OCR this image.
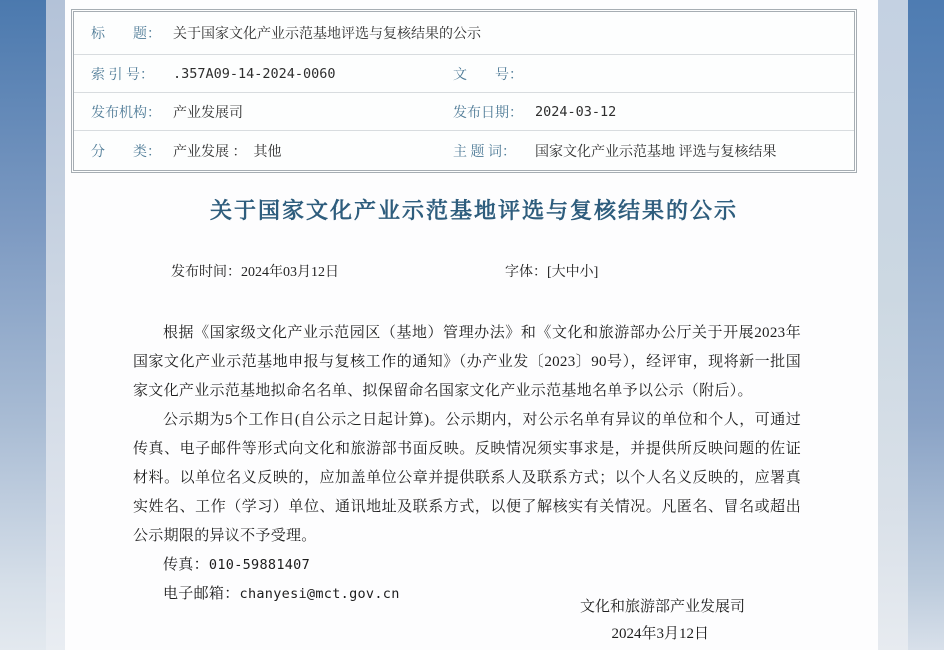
标　　题： 关于国家文化产业示范基地评选与复核结果的公示
索 引 号：	.357A09-14-2024-0060	文　　号：
发布机构： 产业发展司	发布日期： 2024-03-12
分　　类： 产业发展 ：  其他	主 题 词：	国家文化产业示范基地 评选与复核结果
关于国家文化产业示范基地评选与复核结果的公示
发布时间：2024年03月12日	字体：[大中小]

根据《国家级文化产业示范园区（基地）管理办法》和《文化和旅游部办公厅关于开展2023年国家文化产业示范基地申报与复核工作的通知》（办产业发〔2023〕90号），经评审，现将新一批国家文化产业示范基地拟命名名单、拟保留命名国家文化产业示范基地名单予以公示（附后）。

公示期为5个工作日(自公示之日起计算)。公示期内，对公示名单有异议的单位和个人，可通过传真、电子邮件等形式向文化和旅游部书面反映。反映情况须实事求是，并提供所反映问题的佐证材料。以单位名义反映的，应加盖单位公章并提供联系人及联系方式；以个人名义反映的，应署真实姓名、工作（学习）单位、通讯地址及联系方式，以便了解核实有关情况。凡匿名、冒名或超出公示期限的异议不予受理。

传真：010-59881407

电子邮箱：chanyesi@mct.gov.cn

文化和旅游部产业发展司
2024年3月12日
